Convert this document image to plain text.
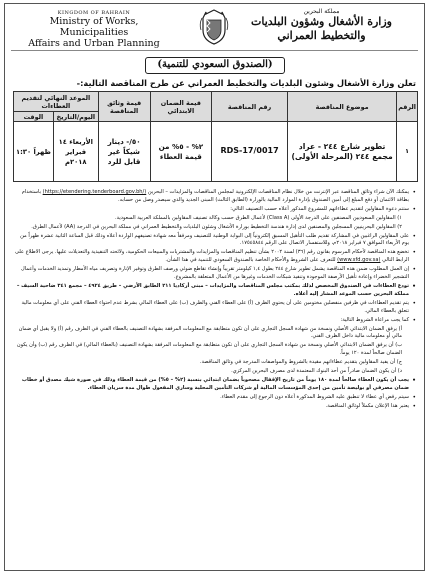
KINGDOM OF BAHRAIN
Ministry of Works, Municipalities
Affairs and Urban Planning
مملكة البحرين
وزارة الأشغال وشؤون البلديات والتخطيط العمراني
(الصندوق السعودي للتنمية)
تعلن وزارة الأشغال وشئون البلديات والتخطيط العمراني عن طرح المناقصة التالية:-
الرقم	موضوع المناقصة	رقم المناقصة	قيمة الضمان الابتدائي	قيمة وثائق المناقصة	الموعد النهائي لتقديم العطاءات	
					اليوم/التاريخ	الوقت
١	تطوير شارع ٢٤٤ - عراد مجمع ٢٤٤ (المرحلة الأولى)	RDS-17/0017	٢% - ٥% من قيمة العطاء	٥٠/- دينار شيكاً غير قابل للرد	الأربعاء ١٤ فبراير ٢٠١٨م	ظهراً ١:٣٠

• يمكنك الآن شراء وثائق المناقصة عبر الإنترنت من خلال نظام المناقصات الإلكترونية لمجلس المناقصات والمزايدات – البحرين (https://etendering.tenderboard.gov.bh/) باستخدام بطاقة الائتمان أو دفع المبلغ إلى أمين الصندوق بإدارة الموارد المالية بالوزارة (الطابق الثالث) المبنى الجديد والذي سيصدر وصل من حسابه.

• ستتم دعوة المقاولين لتقديم عطاءاتهم للمشروع المذكور أعلاه حسب التصنيف التالي:

١) المقاولين السعوديين المصنفين على الدرجة الأولى (Class A) لأعمال الطرق حسب وكالة تصنيف المقاولين بالمملكة العربية السعودية.

٢) المقاولين البحرينيين المسجلين والمصنفين لدى إدارة هندسة التخطيط بوزارة الأشغال وشئون البلديات والتخطيط العمراني في مملكة البحرين في الدرجة (AA) لأعمال الطرق.

• على المقاولين الراغبين في المشاركة تقديم طلب التأهيل المسبق إلكترونياً إلى البوابة الوطنية للتصنيف ومرفقاً معه شهادة تصنيفهم الواردة أعلاه وذلك قبل الساعة الثانية عشرة ظهراً من يوم الأربعاء الموافق ٧ فبراير ٢٠١٨م، وللاستفسار الاتصال على الرقم ١٧٥٤٥٨٤٤.

• تخضع هذه المناقصة لأحكام المرسوم بقانون رقم (٣٦) لسنة ٢٠٠٢ بشأن تنظيم المناقصات والمزايدات والمشتريات والمبيعات الحكومية، ولائحته التنفيذية والتعديلات عليها. يرجى الاطلاع على الرابط التالي (www.sfd.gov.sa) للتعرف على الشروط والأحكام الخاصة بالصندوق السعودي للتنمية في هذا الشأن.

• إن العمل المطلوب ضمن هذه المناقصة يشمل تطوير شارع ٢٤٤ بطول ١,٤ كيلومتر تقريباً وإنشاء تقاطع ضوئي ورصف الطرق وتوفير الإنارة وتصريف مياه الأمطار وتمديد الخدمات وأعمال التشجير الخضراء وإعادة تأهيل الأرصفة الموجودة وتنفيذ شبكات الخدمات وغيرها من الأعمال المتعلقة بالمشروع.

• تودع العطاءات في الصندوق المخصص لذلك بمكتب مجلس المناقصات والمزايدات – مبنى أركاديا ٢١١ الطابق الأرضي – طريق ٤٩٢٤ – مجمع ٣٤١ ضاحية السيف – مملكة البحرين حسب الموعد المشار إليه أعلاه.

• يتم تقديم العطاءات في ظرفين منفصلين مختومين على أن يحتوي الظرف (أ) على العطاء الفني والظرف (ب) على العطاء المالي بشرط عدم احتواء العطاء الفني على أي معلومات مالية تتعلق بالعطاء المالي.

• كما يجب مراعاة الشروط التالية:

أ) يرفق الضمان الابتدائي الأصلي ونسخة من شهادة السجل التجاري على أن تكون متطابقة مع المعلومات المرفقة بشهادة التصنيف بالعطاء الفني في الظرف رقم (أ) ولا يقبل أي ضمان مالي أو معلومات مالية داخل الظرف الفني.

ب) أن يرفق الضمان الابتدائي الأصلي ونسخة من شهادة السجل التجاري على أن تكون متطابقة مع المعلومات المرفقة بشهادة التصنيف (بالعطاء المالي) في الظرف رقم (ب) وأن يكون الضمان صالحاً لمدة ١٢٠ يوماً.

ج) أن يفيد المقاولين بتقديم عطاءاتهم مقيدة بالشروط والمواصفات المدرجة في وثائق المناقصة.

د) أن يكون الضمان صادراً من أحد البنوك المعتمدة لدى مصرف البحرين المركزي.

• يجب أن يكون العطاء صالحاً لمدة ١٨٠ يوماً من تاريخ الإقفال مصحوباً بضمان ابتدائي بنسبة (٢% – ٥%) من قيمة العطاء وذلك في صورة شيك مصدق أو خطاب ضمان مصرفي أو بوليصة تأمين من إحدى المؤسسات المالية أو شركات التأمين المحلية وساري المفعول طوال مدة سريان العطاء.

• سيتم رفض أي عطاء لا تنطبق عليه الشروط المذكورة أعلاه دون الرجوع إلى مقدم العطاء.

• يعتبر هذا الإعلان مكملاً لوثائق المناقصة.
